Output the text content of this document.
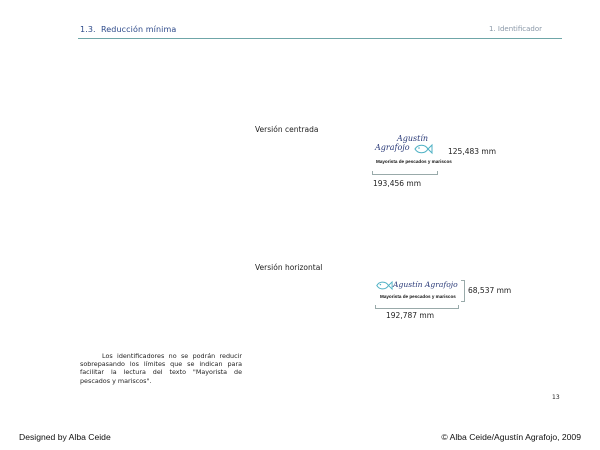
1.3. Reducción mínima	1. Identificador
Versión centrada
Agustín
Agrafojo
Mayorista de pescados y mariscos
125,483 mm
193,456 mm
Versión horizontal
Agustín Agrafojo
Mayorista de pescados y mariscos
68,537 mm
192,787 mm
Los identificadores no se podrán reducir sobrepasando los límites que se indican para facilitar la lectura del texto "Mayorista de pescados y mariscos".
13
Designed by Alba Ceide	© Alba Ceide/Agustín Agrafojo, 2009
